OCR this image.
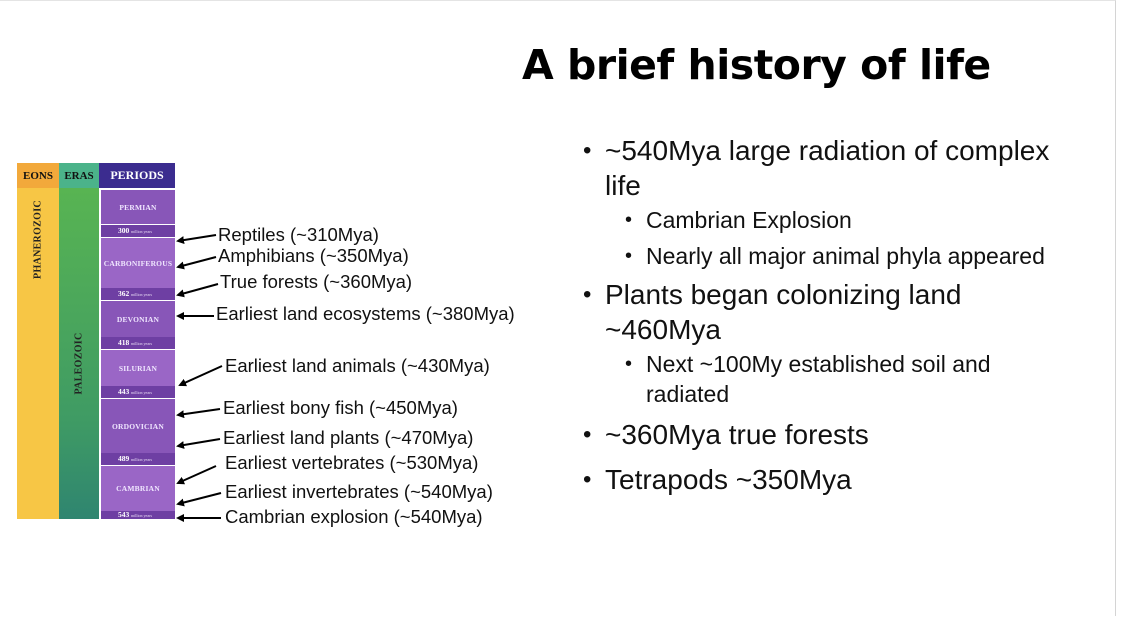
A brief history of life
EONS	ERAS	PERIODS
PHANEROZOIC
PALEOZOIC
PERMIAN
300 million years
CARBONIFEROUS
362 million years
DEVONIAN
418 million years
SILURIAN
443 million years
ORDOVICIAN
489 million years
CAMBRIAN
543 million years
Reptiles (~310Mya)
Amphibians (~350Mya)
True forests (~360Mya)
Earliest land ecosystems (~380Mya)
Earliest land animals (~430Mya)
Earliest bony fish (~450Mya)
Earliest land plants (~470Mya)
Earliest vertebrates (~530Mya)
Earliest invertebrates (~540Mya)
Cambrian explosion (~540Mya)
• ~540Mya large radiation of complex life
• Cambrian Explosion
• Nearly all major animal phyla appeared
• Plants began colonizing land ~460Mya
• Next ~100My established soil and radiated
• ~360Mya true forests
• Tetrapods ~350Mya
